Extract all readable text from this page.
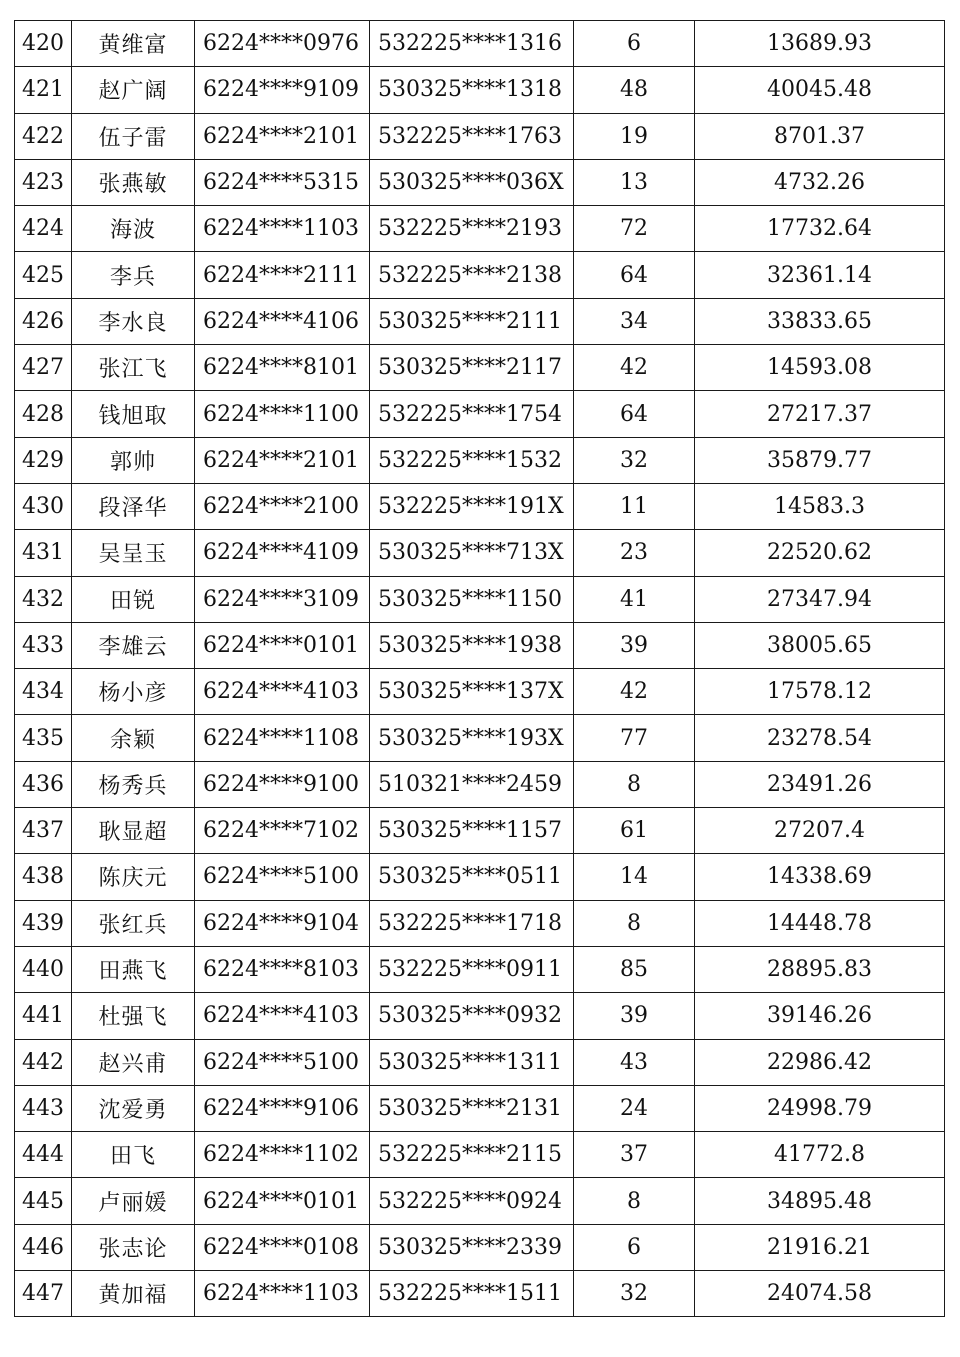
420	黄维富	6224****0976	532225****1316	6	13689.93
421	赵广阔	6224****9109	530325****1318	48	40045.48
422	伍子雷	6224****2101	532225****1763	19	8701.37
423	张燕敏	6224****5315	530325****036X	13	4732.26
424	海波	6224****1103	532225****2193	72	17732.64
425	李兵	6224****2111	532225****2138	64	32361.14
426	李水良	6224****4106	530325****2111	34	33833.65
427	张江飞	6224****8101	530325****2117	42	14593.08
428	钱旭取	6224****1100	532225****1754	64	27217.37
429	郭帅	6224****2101	532225****1532	32	35879.77
430	段泽华	6224****2100	532225****191X	11	14583.3
431	吴呈玉	6224****4109	530325****713X	23	22520.62
432	田锐	6224****3109	530325****1150	41	27347.94
433	李雄云	6224****0101	530325****1938	39	38005.65
434	杨小彦	6224****4103	530325****137X	42	17578.12
435	余颖	6224****1108	530325****193X	77	23278.54
436	杨秀兵	6224****9100	510321****2459	8	23491.26
437	耿显超	6224****7102	530325****1157	61	27207.4
438	陈庆元	6224****5100	530325****0511	14	14338.69
439	张红兵	6224****9104	532225****1718	8	14448.78
440	田燕飞	6224****8103	532225****0911	85	28895.83
441	杜强飞	6224****4103	530325****0932	39	39146.26
442	赵兴甫	6224****5100	530325****1311	43	22986.42
443	沈爱勇	6224****9106	530325****2131	24	24998.79
444	田飞	6224****1102	532225****2115	37	41772.8
445	卢丽媛	6224****0101	532225****0924	8	34895.48
446	张志论	6224****0108	530325****2339	6	21916.21
447	黄加福	6224****1103	532225****1511	32	24074.58
